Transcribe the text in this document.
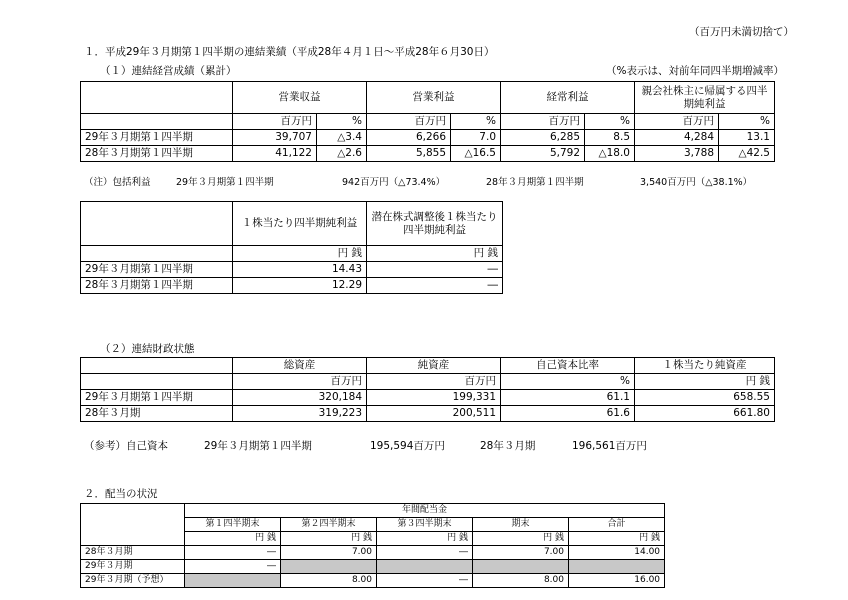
（百万円未満切捨て）
１．平成29年３月期第１四半期の連結業績（平成28年４月１日～平成28年６月30日）
（１）連結経営成績（累計）	（%表示は、対前年同四半期増減率）
	営業収益		営業利益		経常利益		親会社株主に帰属する四半期純利益	
	百万円	%	百万円	%	百万円	%	百万円	%
29年３月期第１四半期	39,707	△3.4	6,266	7.0	6,285	8.5	4,284	13.1
28年３月期第１四半期	41,122	△2.6	5,855	△16.5	5,792	△18.0	3,788	△42.5
（注）包括利益	29年３月期第１四半期	942百万円（△73.4%）	28年３月期第１四半期	3,540百万円（△38.1%）
	１株当たり四半期純利益	潜在株式調整後１株当たり四半期純利益
	円 銭	円 銭
29年３月期第１四半期	14.43	―
28年３月期第１四半期	12.29	―
（２）連結財政状態
	総資産	純資産	自己資本比率	１株当たり純資産
	百万円	百万円	%	円 銭
29年３月期第１四半期	320,184	199,331	61.1	658.55
28年３月期	319,223	200,511	61.6	661.80
（参考）自己資本	29年３月期第１四半期	195,594百万円	28年３月期	196,561百万円
２．配当の状況
	年間配当金				
	第１四半期末	第２四半期末	第３四半期末	期末	合計
	円 銭	円 銭	円 銭	円 銭	円 銭
28年３月期	―	7.00	―	7.00	14.00
29年３月期	―				
29年３月期（予想）		8.00	―	8.00	16.00
